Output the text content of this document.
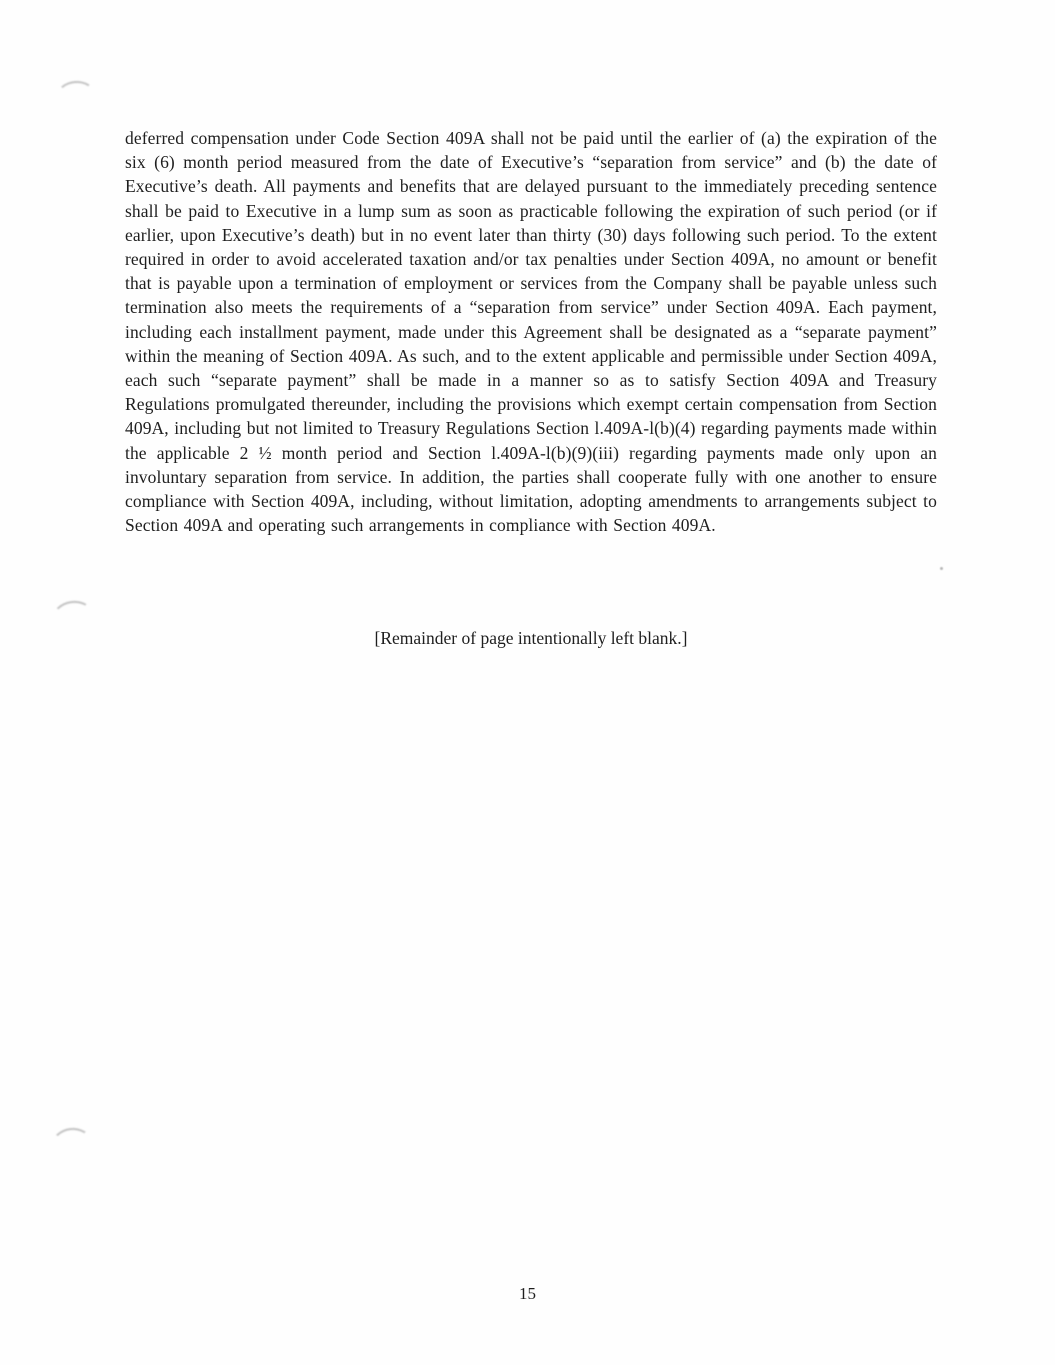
deferred compensation under Code Section 409A shall not be paid until the earlier of (a) the expiration of the six (6) month period measured from the date of Executive’s “separation from service” and (b) the date of Executive’s death. All payments and benefits that are delayed pursuant to the immediately preceding sentence shall be paid to Executive in a lump sum as soon as practicable following the expiration of such period (or if earlier, upon Executive’s death) but in no event later than thirty (30) days following such period. To the extent required in order to avoid accelerated taxation and/or tax penalties under Section 409A, no amount or benefit that is payable upon a termination of employment or services from the Company shall be payable unless such termination also meets the requirements of a “separation from service” under Section 409A. Each payment, including each installment payment, made under this Agreement shall be designated as a “separate payment” within the meaning of Section 409A. As such, and to the extent applicable and permissible under Section 409A, each such “separate payment” shall be made in a manner so as to satisfy Section 409A and Treasury Regulations promulgated thereunder, including the provisions which exempt certain compensation from Section 409A, including but not limited to Treasury Regulations Section l.409A-l(b)(4) regarding payments made within the applicable 2 ½ month period and Section l.409A-l(b)(9)(iii) regarding payments made only upon an involuntary separation from service. In addition, the parties shall cooperate fully with one another to ensure compliance with Section 409A, including, without limitation, adopting amendments to arrangements subject to Section 409A and operating such arrangements in compliance with Section 409A.

[Remainder of page intentionally left blank.]

15
